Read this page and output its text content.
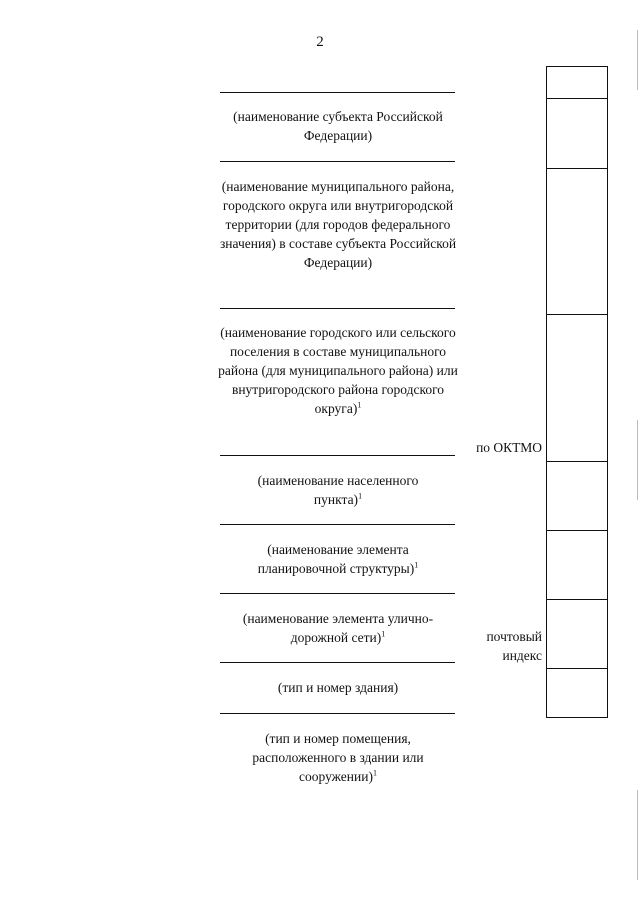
2
(наименование субъекта Российской Федерации)
(наименование муниципального района, городского округа или внутригородской территории (для городов федерального значения) в составе субъекта Российской Федерации)
(наименование городского или сельского поселения в составе муниципального района (для муниципального района) или внутригородского района городского округа)$^1$
(наименование населенного пункта)$^1$
(наименование элемента планировочной структуры)$^1$
(наименование элемента улично-дорожной сети)$^1$
(тип и номер здания)
(тип и номер помещения, расположенного в здании или сооружении)$^1$
по ОКТМО
почтовый
индекс
